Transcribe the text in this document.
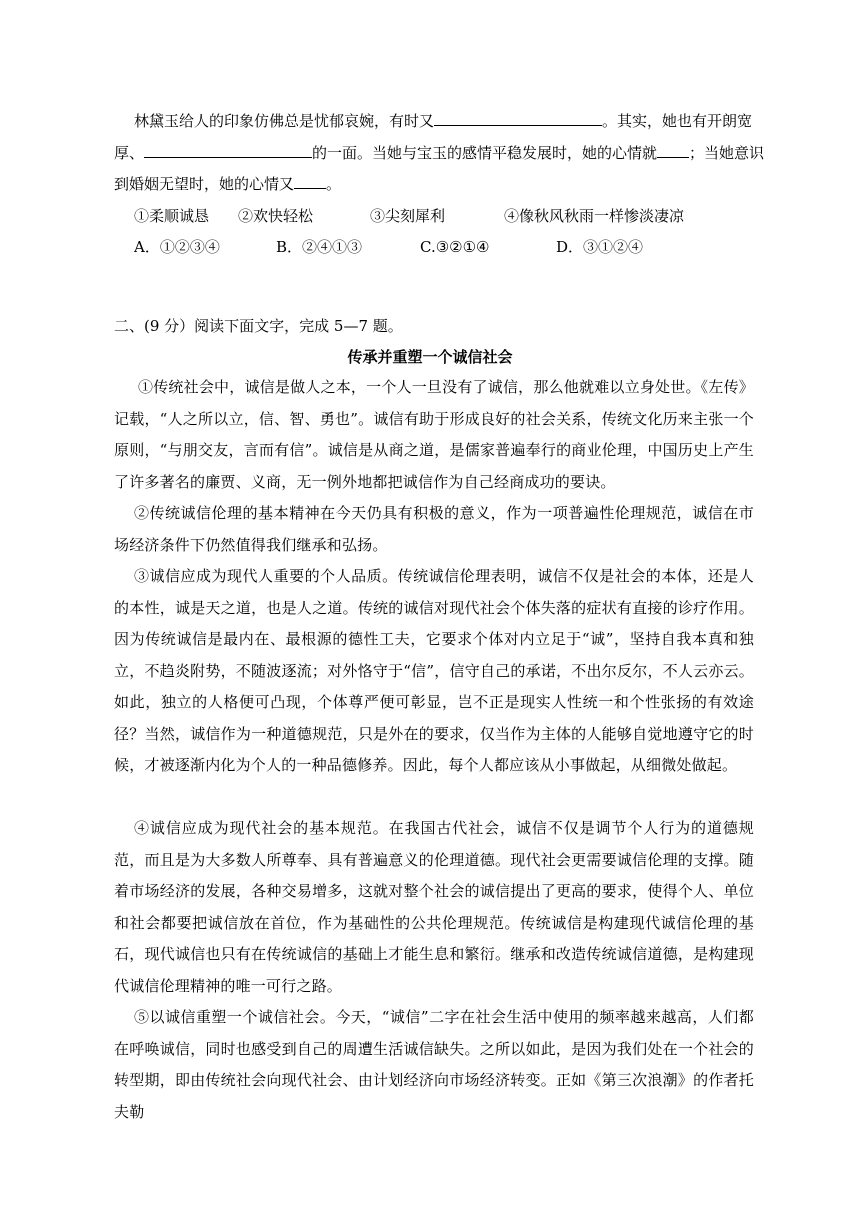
林黛玉给人的印象仿佛总是忧郁哀婉，有时又	。其实，她也有开朗宽
厚、	的一面。当她与宝玉的感情平稳发展时，她的心情就 ；当她意识
到婚姻无望时，她的心情又 。
①柔顺诚恳 ②欢快轻松	③尖刻犀利	④像秋风秋雨一样惨淡凄凉
A．①②③④	B．②④①③	C.③②①④	D．③①②④
二、(9 分）阅读下面文字，完成 5—7 题。
传承并重塑一个诚信社会
①传统社会中，诚信是做人之本，一个人一旦没有了诚信，那么他就难以立身处世。《左传》记载，“人之所以立，信、智、勇也”。诚信有助于形成良好的社会关系，传统文化历来主张一个原则，“与朋交友，言而有信”。诚信是从商之道，是儒家普遍奉行的商业伦理，中国历史上产生了许多著名的廉贾、义商，无一例外地都把诚信作为自己经商成功的要诀。
②传统诚信伦理的基本精神在今天仍具有积极的意义，作为一项普遍性伦理规范，诚信在市场经济条件下仍然值得我们继承和弘扬。
③诚信应成为现代人重要的个人品质。传统诚信伦理表明，诚信不仅是社会的本体，还是人的本性，诚是天之道，也是人之道。传统的诚信对现代社会个体失落的症状有直接的诊疗作用。因为传统诚信是最内在、最根源的德性工夫，它要求个体对内立足于“诚”，坚持自我本真和独立，不趋炎附势，不随波逐流；对外恪守于“信”，信守自己的承诺，不出尔反尔，不人云亦云。如此，独立的人格便可凸现，个体尊严便可彰显，岂不正是现实人性统一和个性张扬的有效途径？当然，诚信作为一种道德规范，只是外在的要求，仅当作为主体的人能够自觉地遵守它的时候，才被逐渐内化为个人的一种品德修养。因此，每个人都应该从小事做起，从细微处做起。
④诚信应成为现代社会的基本规范。在我国古代社会，诚信不仅是调节个人行为的道德规范，而且是为大多数人所尊奉、具有普遍意义的伦理道德。现代社会更需要诚信伦理的支撑。随着市场经济的发展，各种交易增多，这就对整个社会的诚信提出了更高的要求，使得个人、单位和社会都要把诚信放在首位，作为基础性的公共伦理规范。传统诚信是构建现代诚信伦理的基石，现代诚信也只有在传统诚信的基础上才能生息和繁衍。继承和改造传统诚信道德，是构建现代诚信伦理精神的唯一可行之路。
⑤以诚信重塑一个诚信社会。今天，“诚信”二字在社会生活中使用的频率越来越高，人们都在呼唤诚信，同时也感受到自己的周遭生活诚信缺失。之所以如此，是因为我们处在一个社会的转型期，即由传统社会向现代社会、由计划经济向市场经济转变。正如《第三次浪潮》的作者托夫勒
